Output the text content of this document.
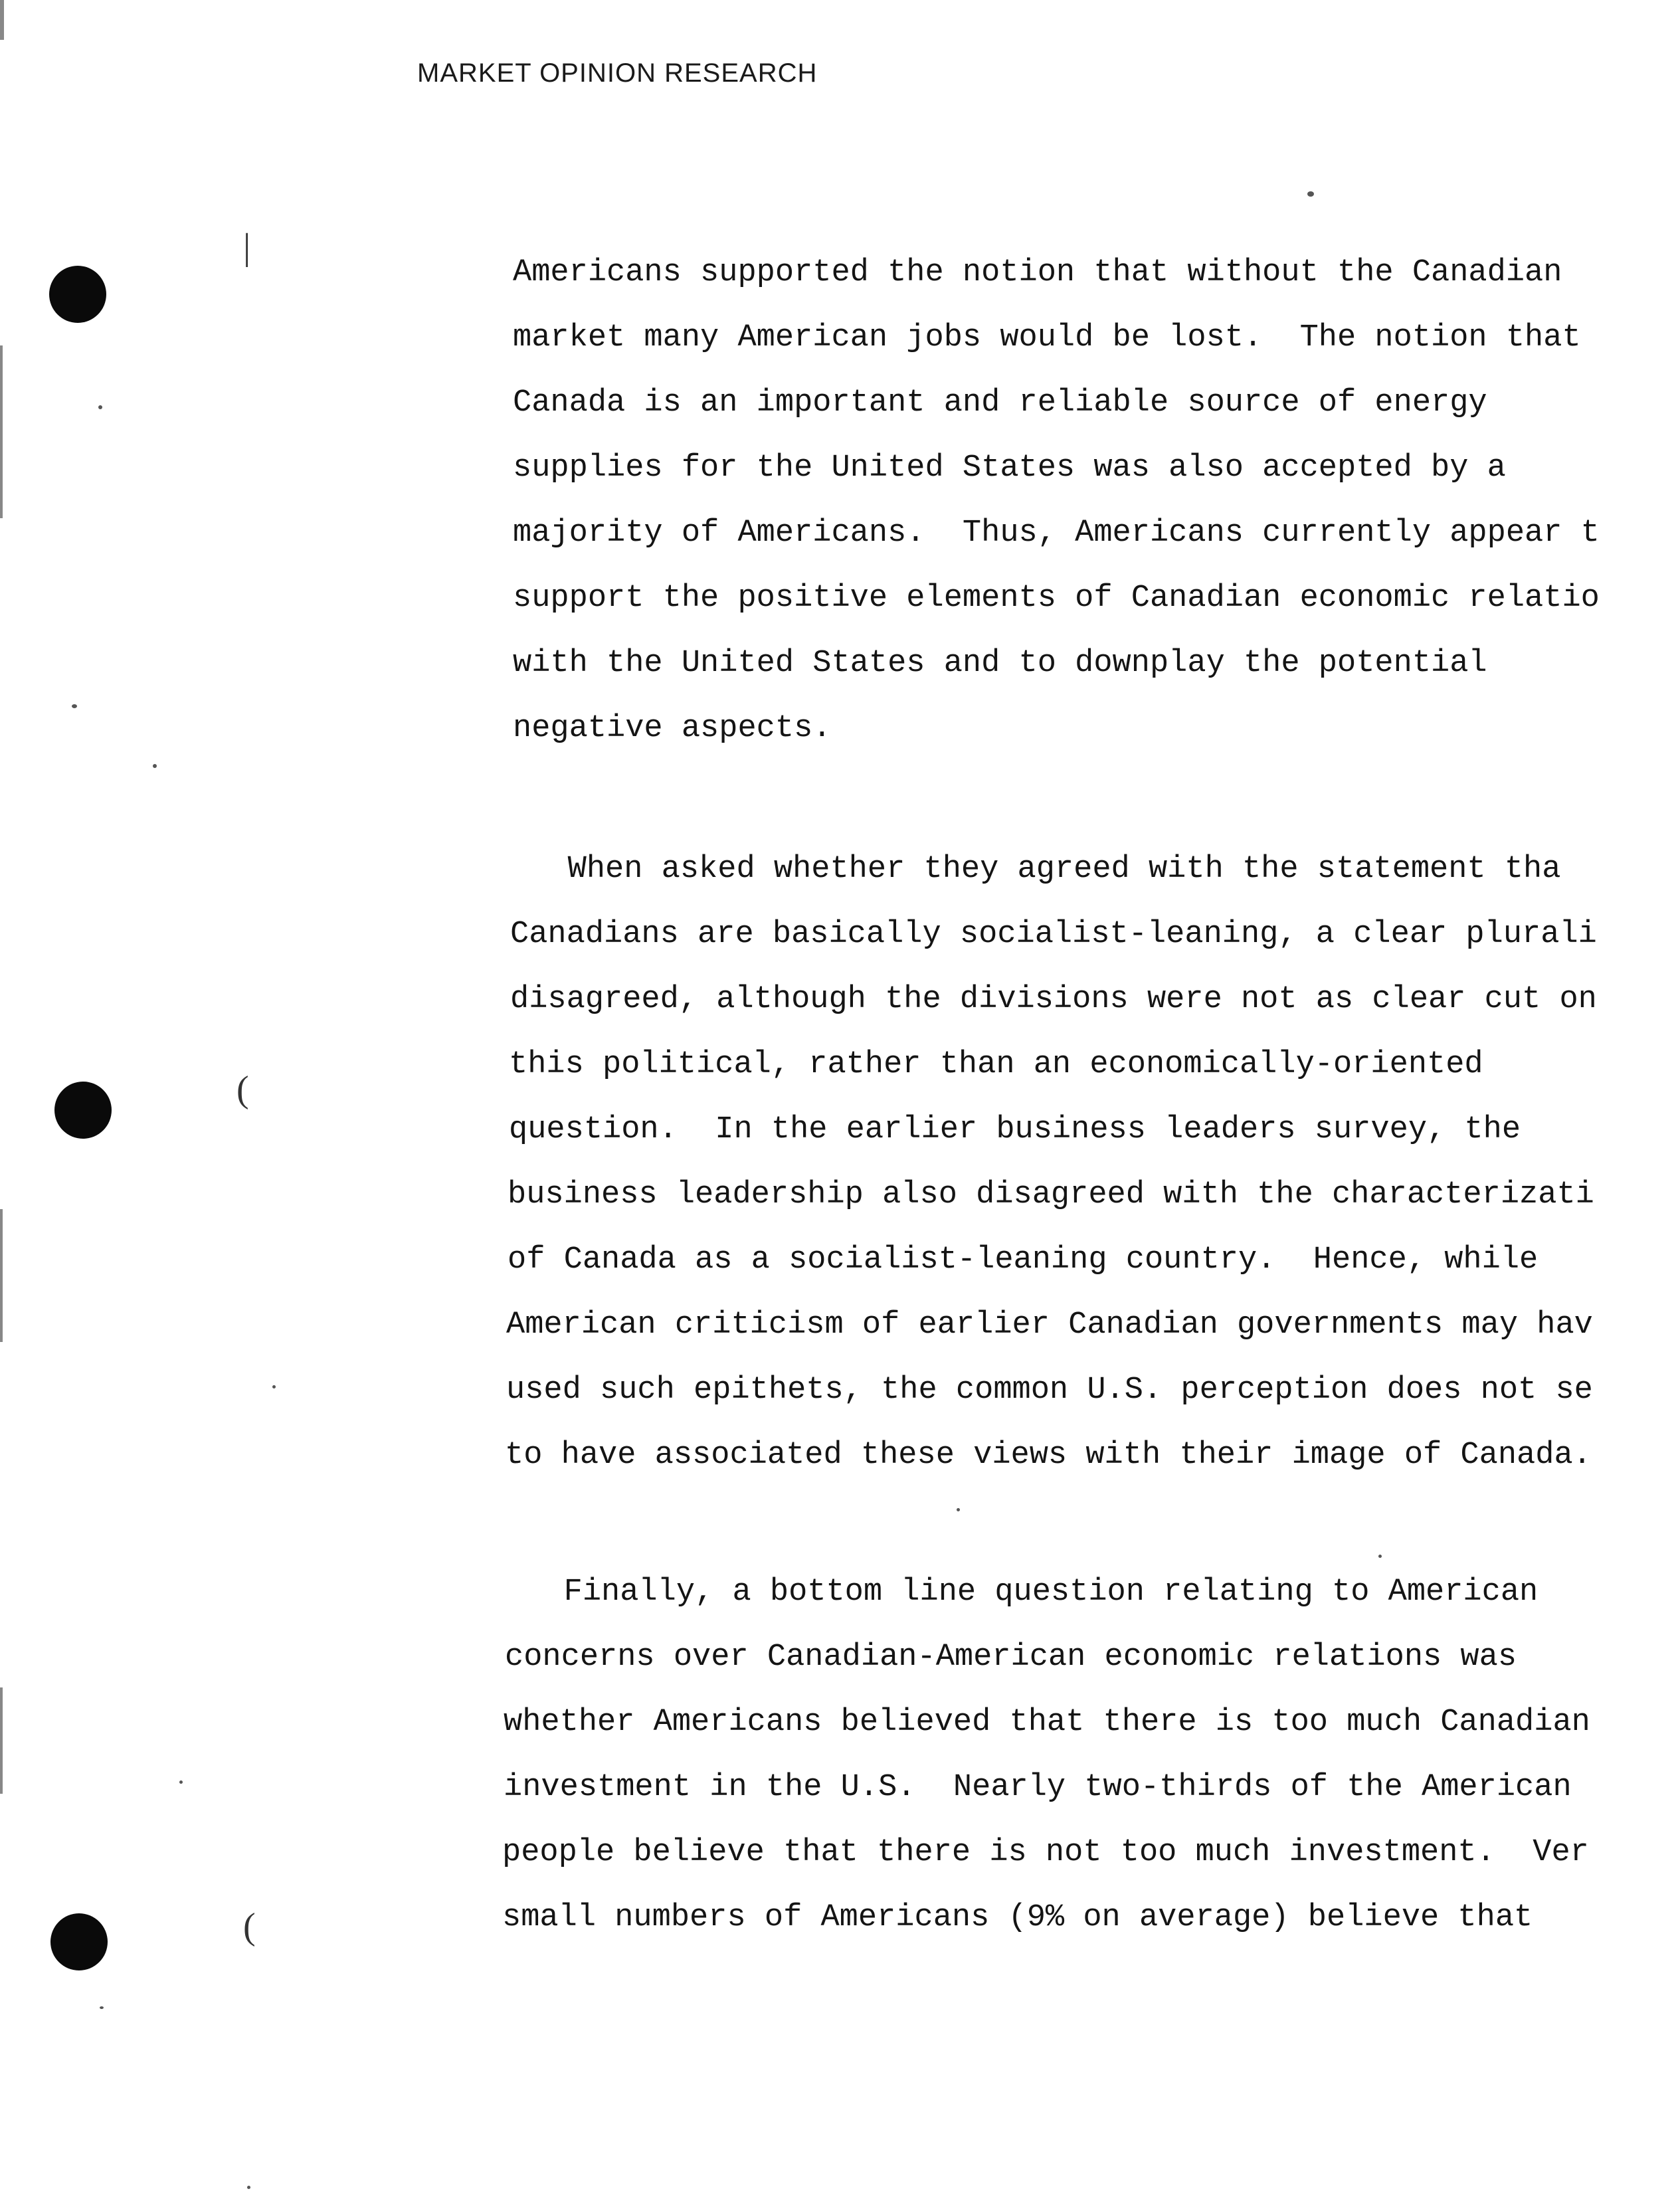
|
(
(
MARKET OPINION RESEARCH
Americans supported the notion that without the Canadian
market many American jobs would be lost.  The notion that
Canada is an important and reliable source of energy
supplies for the United States was also accepted by a
majority of Americans.  Thus, Americans currently appear t
support the positive elements of Canadian economic relatio
with the United States and to downplay the potential
negative aspects.
When asked whether they agreed with the statement tha
Canadians are basically socialist-leaning, a clear plurali
disagreed, although the divisions were not as clear cut on
this political, rather than an economically-oriented
question.  In the earlier business leaders survey, the
business leadership also disagreed with the characterizati
of Canada as a socialist-leaning country.  Hence, while
American criticism of earlier Canadian governments may hav
used such epithets, the common U.S. perception does not se
to have associated these views with their image of Canada.
Finally, a bottom line question relating to American
concerns over Canadian-American economic relations was
whether Americans believed that there is too much Canadian
investment in the U.S.  Nearly two-thirds of the American
people believe that there is not too much investment.  Ver
small numbers of Americans (9% on average) believe that
